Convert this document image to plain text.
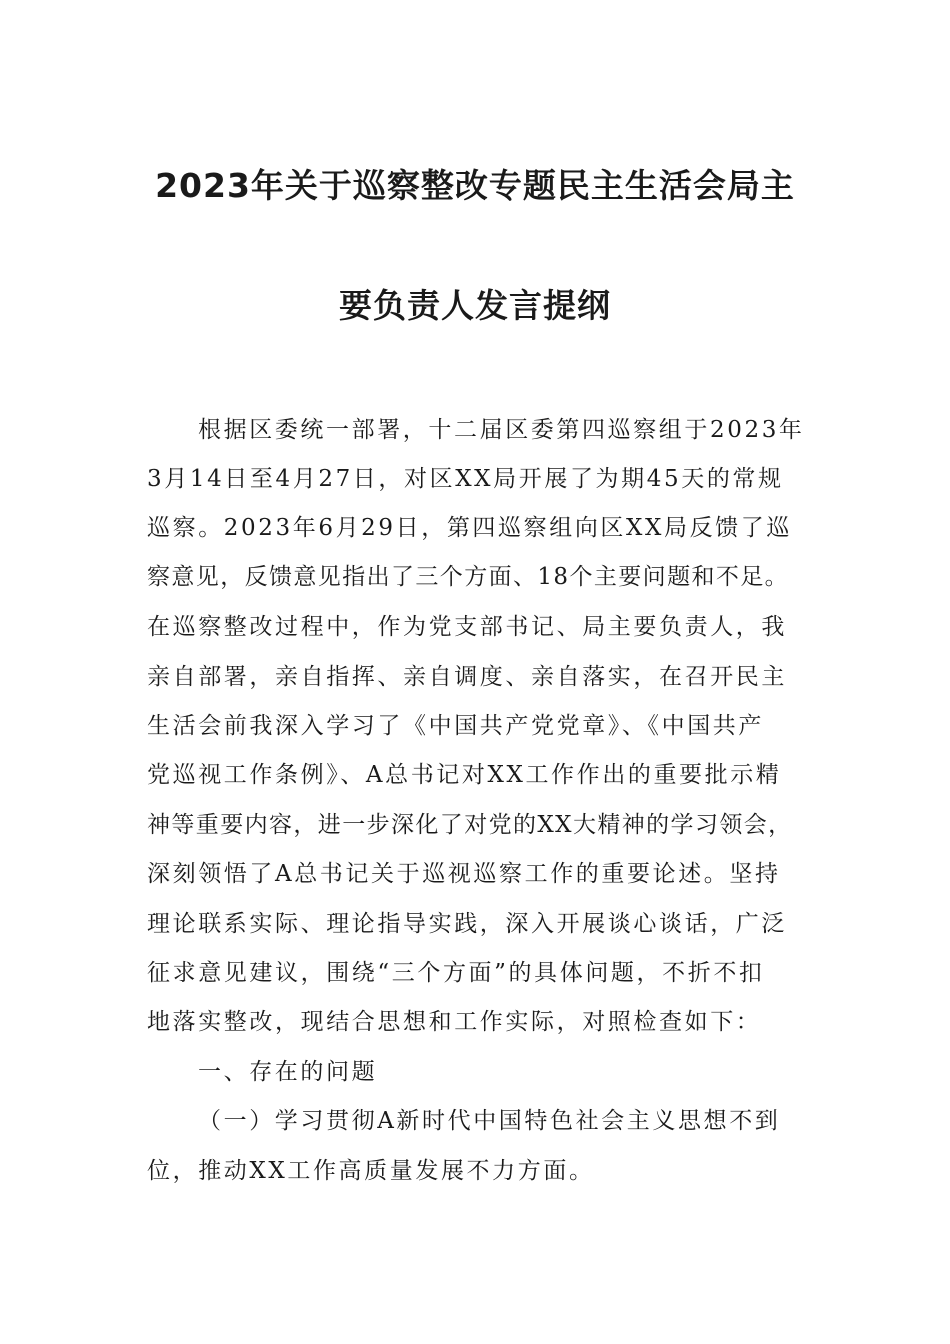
2023年关于巡察整改专题民主生活会局主
要负责人发言提纲
根据区委统一部署，十二届区委第四巡察组于2023年
3月14日至4月27日，对区XX局开展了为期45天的常规
巡察。2023年6月29日，第四巡察组向区XX局反馈了巡
察意见，反馈意见指出了三个方面、18个主要问题和不足。
在巡察整改过程中，作为党支部书记、局主要负责人，我
亲自部署，亲自指挥、亲自调度、亲自落实，在召开民主
生活会前我深入学习了《中国共产党党章》、《中国共产
党巡视工作条例》、A总书记对XX工作作出的重要批示精
神等重要内容，进一步深化了对党的XX大精神的学习领会，
深刻领悟了A总书记关于巡视巡察工作的重要论述。坚持
理论联系实际、理论指导实践，深入开展谈心谈话，广泛
征求意见建议，围绕“三个方面”的具体问题，不折不扣
地落实整改，现结合思想和工作实际，对照检查如下：
一、存在的问题
（一）学习贯彻A新时代中国特色社会主义思想不到
位，推动XX工作高质量发展不力方面。
